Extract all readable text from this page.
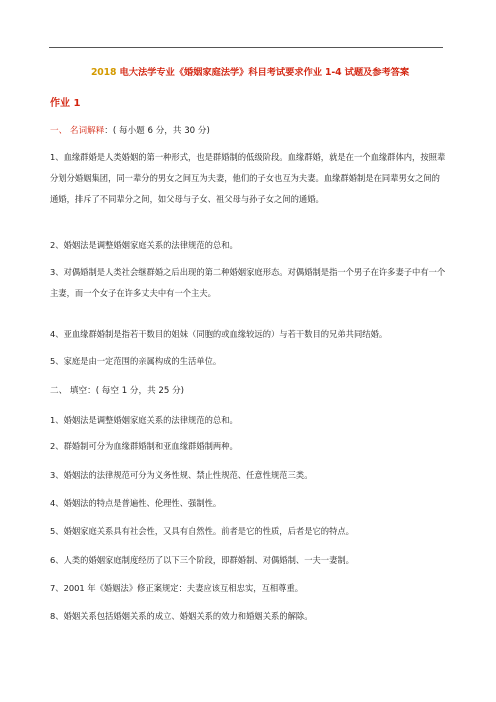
2018 电大法学专业《婚姻家庭法学》科目考试要求作业 1-4 试题及参考答案
作业 1
一、 名词解释：( 每小题 6 分，共 30 分)
1、血缘群婚是人类婚姻的第一种形式，也是群婚制的低级阶段。血缘群婚，就是在一个血缘群体内，按照辈分划分婚姻集团，同一辈分的男女之间互为夫妻，他们的子女也互为夫妻。血缘群婚制是在同辈男女之间的通婚，排斥了不同辈分之间，如父母与子女、祖父母与孙子女之间的通婚。
2、婚姻法是调整婚姻家庭关系的法律规范的总和。
3、对偶婚制是人类社会继群婚之后出现的第二种婚姻家庭形态。对偶婚制是指一个男子在许多妻子中有一个主妻，而一个女子在许多丈夫中有一个主夫。
4、亚血缘群婚制是指若干数目的姐妹（同胞的或血缘较远的）与若干数目的兄弟共同结婚。
5、家庭是由一定范围的亲属构成的生活单位。
二、 填空：( 每空 1 分，共 25 分)
1、婚姻法是调整婚姻家庭关系的法律规范的总和。
2、群婚制可分为血缘群婚制和亚血缘群婚制两种。
3、婚姻法的法律规范可分为义务性规、禁止性规范、任意性规范三类。
4、婚姻法的特点是普遍性、伦理性、强制性。
5、婚姻家庭关系具有社会性，又具有自然性。前者是它的性质，后者是它的特点。
6、人类的婚姻家庭制度经历了以下三个阶段，即群婚制、对偶婚制、一夫一妻制。
7、2001 年《婚姻法》修正案规定：夫妻应该互相忠实，互相尊重。
8、婚姻关系包括婚姻关系的成立、婚姻关系的效力和婚姻关系的解除。
